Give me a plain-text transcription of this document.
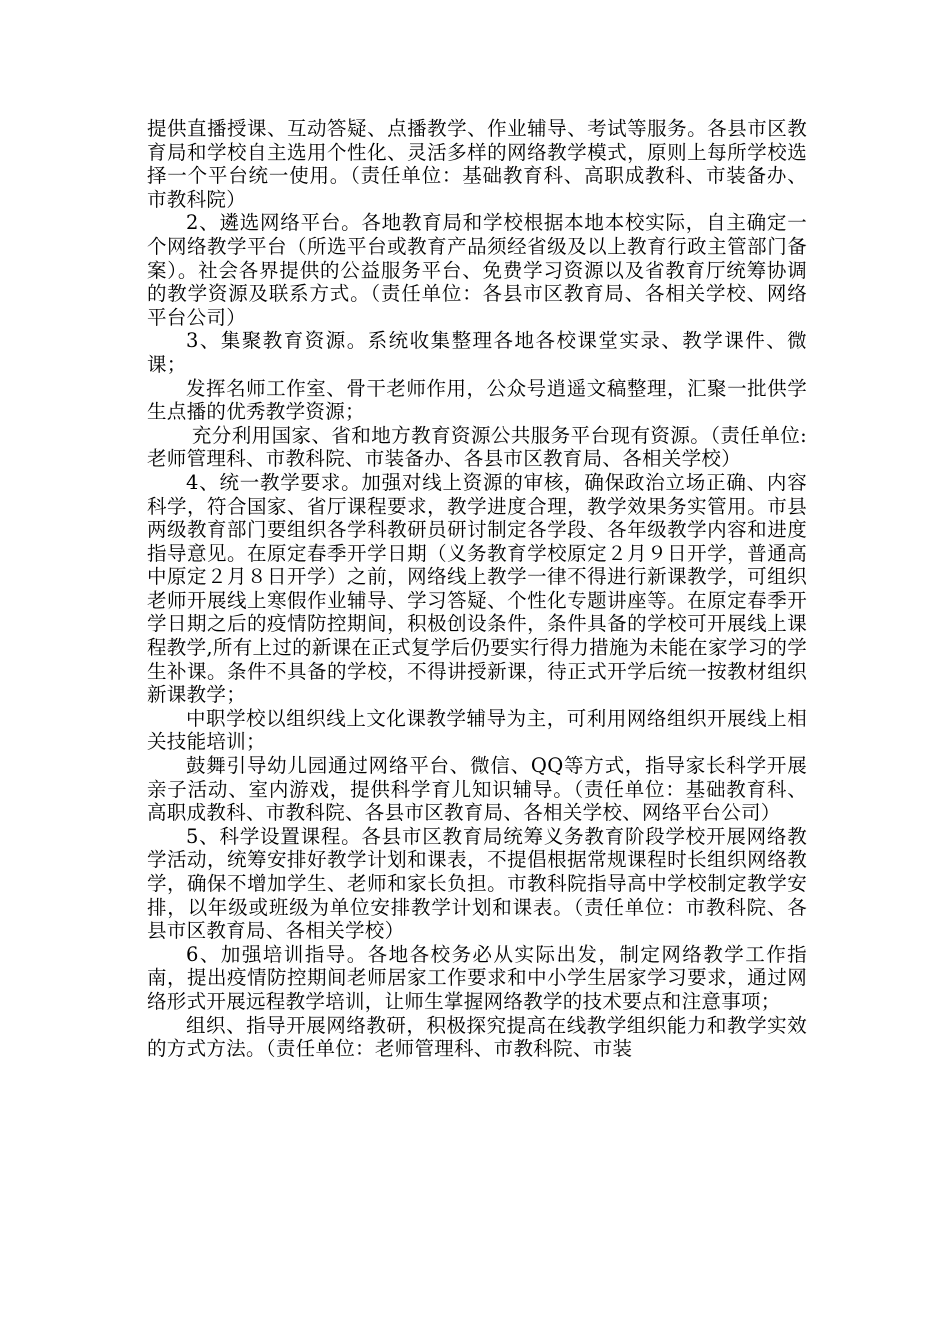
提供直播授课、互动答疑、点播教学、作业辅导、考试等服务。各县市区教育局和学校自主选用个性化、灵活多样的网络教学模式，原则上每所学校选择一个平台统一使用。（责任单位：基础教育科、高职成教科、市装备办、市教科院）

2、遴选网络平台。各地教育局和学校根据本地本校实际，自主确定一个网络教学平台（所选平台或教育产品须经省级及以上教育行政主管部门备案）。社会各界提供的公益服务平台、免费学习资源以及省教育厅统筹协调的教学资源及联系方式。（责任单位：各县市区教育局、各相关学校、网络平台公司）

3、集聚教育资源。系统收集整理各地各校课堂实录、教学课件、微课；

发挥名师工作室、骨干老师作用，公众号逍遥文稿整理，汇聚一批供学生点播的优秀教学资源；

充分利用国家、省和地方教育资源公共服务平台现有资源。（责任单位:老师管理科、市教科院、市装备办、各县市区教育局、各相关学校）

4、统一教学要求。加强对线上资源的审核，确保政治立场正确、内容科学，符合国家、省厅课程要求，教学进度合理，教学效果务实管用。市县两级教育部门要组织各学科教研员研讨制定各学段、各年级教学内容和进度指导意见。在原定春季开学日期（义务教育学校原定２月９日开学，普通高中原定２月８日开学）之前，网络线上教学一律不得进行新课教学，可组织老师开展线上寒假作业辅导、学习答疑、个性化专题讲座等。在原定春季开学日期之后的疫情防控期间，积极创设条件，条件具备的学校可开展线上课程教学,所有上过的新课在正式复学后仍要实行得力措施为未能在家学习的学生补课。条件不具备的学校，不得讲授新课，待正式开学后统一按教材组织新课教学；

中职学校以组织线上文化课教学辅导为主，可利用网络组织开展线上相关技能培训；

鼓舞引导幼儿园通过网络平台、微信、QQ等方式，指导家长科学开展亲子活动、室内游戏，提供科学育儿知识辅导。（责任单位：基础教育科、高职成教科、市教科院、各县市区教育局、各相关学校、网络平台公司）

5、科学设置课程。各县市区教育局统筹义务教育阶段学校开展网络教学活动，统筹安排好教学计划和课表，不提倡根据常规课程时长组织网络教学，确保不增加学生、老师和家长负担。市教科院指导高中学校制定教学安排，以年级或班级为单位安排教学计划和课表。（责任单位：市教科院、各县市区教育局、各相关学校）

6、加强培训指导。各地各校务必从实际出发，制定网络教学工作指南，提出疫情防控期间老师居家工作要求和中小学生居家学习要求，通过网络形式开展远程教学培训，让师生掌握网络教学的技术要点和注意事项；

组织、指导开展网络教研，积极探究提高在线教学组织能力和教学实效的方式方法。（责任单位：老师管理科、市教科院、市装
